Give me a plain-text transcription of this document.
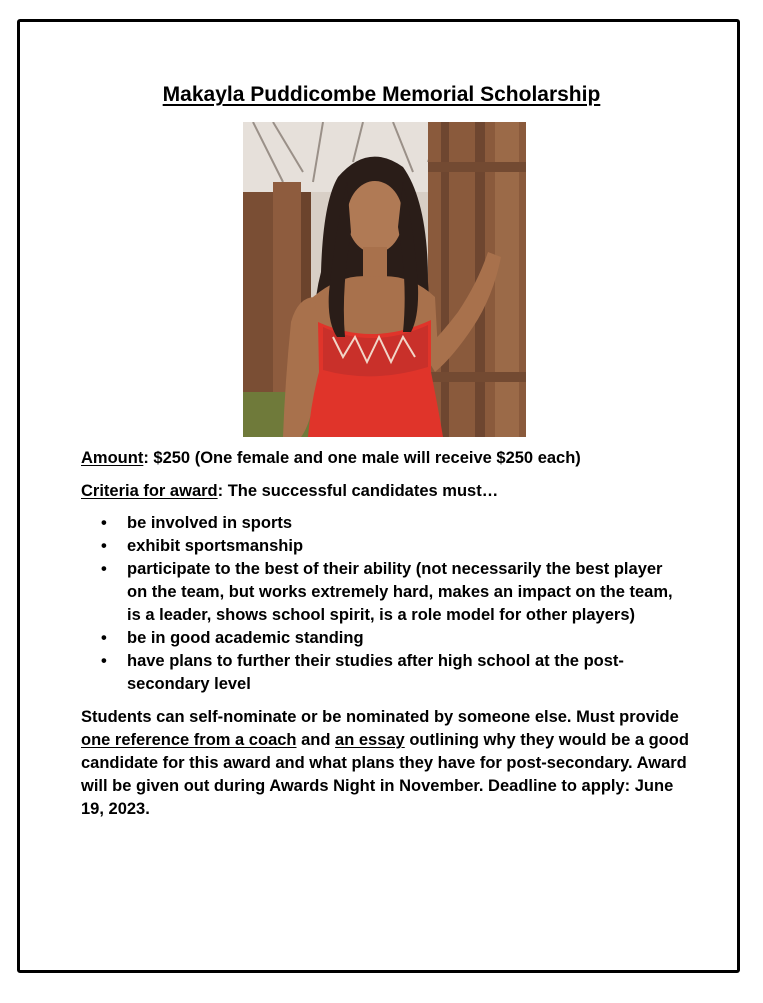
Makayla Puddicombe Memorial Scholarship

Amount: $250 (One female and one male will receive $250 each)

Criteria for award: The successful candidates must…

• be involved in sports
• exhibit sportsmanship
• participate to the best of their ability (not necessarily the best player on the team, but works extremely hard, makes an impact on the team, is a leader, shows school spirit, is a role model for other players)
• be in good academic standing
• have plans to further their studies after high school at the post-secondary level

Students can self-nominate or be nominated by someone else. Must provide one reference from a coach and an essay outlining why they would be a good candidate for this award and what plans they have for post-secondary. Award will be given out during Awards Night in November. Deadline to apply: June 19, 2023.
